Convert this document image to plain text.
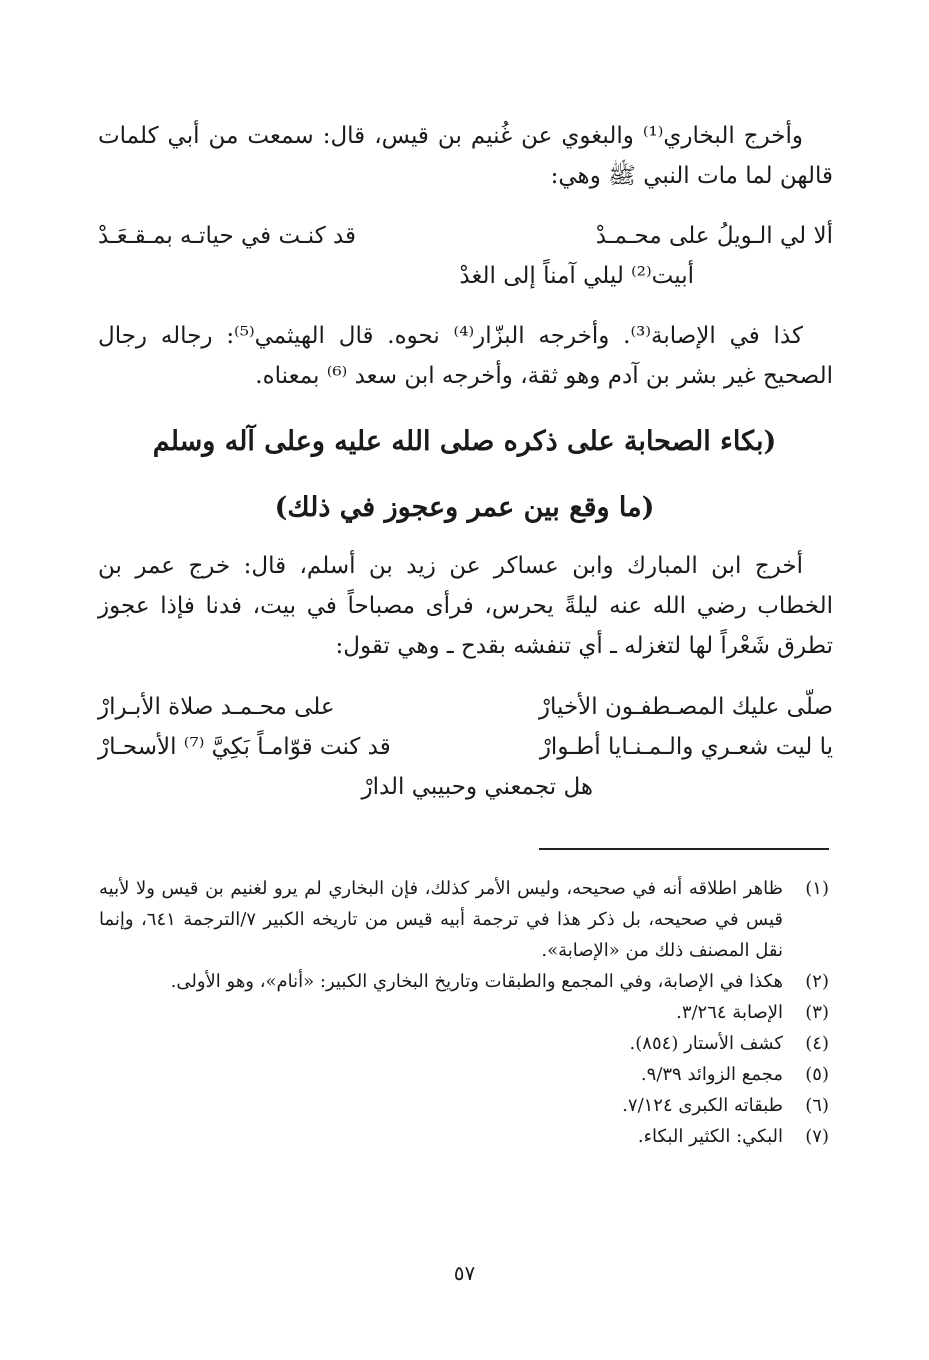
وأخرج البخاري⁽¹⁾ والبغوي عن غُنيم بن قيس، قال: سمعت من أبي كلمات قالهن لما مات النبي ﷺ وهي:

ألا لي الـويلُ على محـمـدْ
قد كنـت في حياتـه بمـقـعَـدْ
أبيت⁽²⁾ ليلي آمناً إلى الغدْ

كذا في الإصابة⁽³⁾. وأخرجه البزّار⁽⁴⁾ نحوه. قال الهيثمي⁽⁵⁾: رجاله رجال الصحيح غير بشر بن آدم وهو ثقة، وأخرجه ابن سعد ⁽⁶⁾ بمعناه.

(بكاء الصحابة على ذكره صلى الله عليه وعلى آله وسلم
(ما وقع بين عمر وعجوز في ذلك)

أخرج ابن المبارك وابن عساكر عن زيد بن أسلم، قال: خرج عمر بن الخطاب رضي الله عنه ليلةً يحرس، فرأى مصباحاً في بيت، فدنا فإذا عجوز تطرق شَعْراً لها لتغزله ـ أي تنفشه بقدح ـ وهي تقول:

صلّى عليك المصـطفـون الأخيارْ
على محـمـد صلاة الأبـرارْ
يا ليت شعـري والـمـنـايا أطـوارْ
قد كنت قوّامـاً بَكِيَّ ⁽⁷⁾ الأسحـارْ
هل تجمعني وحبيبي الدارْ
(١)
ظاهر اطلاقه أنه في صحيحه، وليس الأمر كذلك، فإن البخاري لم يرو لغنيم بن قيس ولا لأبيه قيس في صحيحه، بل ذكر هذا في ترجمة أبيه قيس من تاريخه الكبير ٧/الترجمة ٦٤١، وإنما نقل المصنف ذلك من «الإصابة».
(٢)
هكذا في الإصابة، وفي المجمع والطبقات وتاريخ البخاري الكبير: «أنام»، وهو الأولى.
(٣)
الإصابة ٣/٢٦٤.
(٤)
كشف الأستار (٨٥٤).
(٥)
مجمع الزوائد ٩/٣٩.
(٦)
طبقاته الكبرى ٧/١٢٤.
(٧)
البكي: الكثير البكاء.
٥٧
